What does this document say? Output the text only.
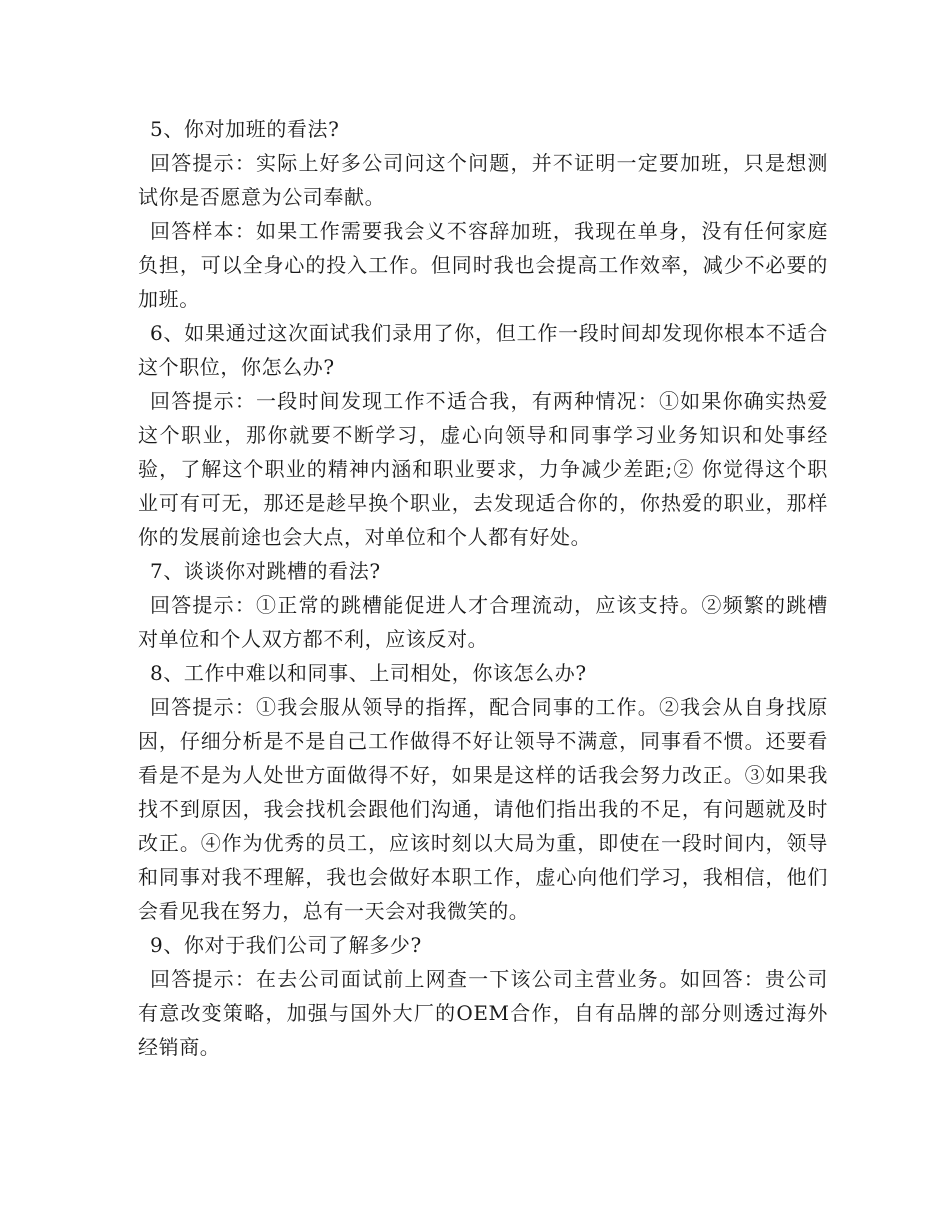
5、你对加班的看法?

回答提示：实际上好多公司问这个问题，并不证明一定要加班，只是想测试你是否愿意为公司奉献。

回答样本：如果工作需要我会义不容辞加班，我现在单身，没有任何家庭负担，可以全身心的投入工作。但同时我也会提高工作效率，减少不必要的加班。

6、如果通过这次面试我们录用了你，但工作一段时间却发现你根本不适合这个职位，你怎么办?

回答提示：一段时间发现工作不适合我，有两种情况：①如果你确实热爱这个职业，那你就要不断学习，虚心向领导和同事学习业务知识和处事经验，了解这个职业的精神内涵和职业要求，力争减少差距;② 你觉得这个职业可有可无，那还是趁早换个职业，去发现适合你的，你热爱的职业，那样你的发展前途也会大点，对单位和个人都有好处。

7、谈谈你对跳槽的看法?

回答提示：①正常的跳槽能促进人才合理流动，应该支持。②频繁的跳槽对单位和个人双方都不利，应该反对。

8、工作中难以和同事、上司相处，你该怎么办?

回答提示：①我会服从领导的指挥，配合同事的工作。②我会从自身找原因，仔细分析是不是自己工作做得不好让领导不满意，同事看不惯。还要看看是不是为人处世方面做得不好，如果是这样的话我会努力改正。③如果我找不到原因，我会找机会跟他们沟通，请他们指出我的不足，有问题就及时改正。④作为优秀的员工，应该时刻以大局为重，即使在一段时间内，领导和同事对我不理解，我也会做好本职工作，虚心向他们学习，我相信，他们会看见我在努力，总有一天会对我微笑的。

9、你对于我们公司了解多少?

回答提示：在去公司面试前上网查一下该公司主营业务。如回答：贵公司有意改变策略，加强与国外大厂的OEM合作，自有品牌的部分则透过海外经销商。
